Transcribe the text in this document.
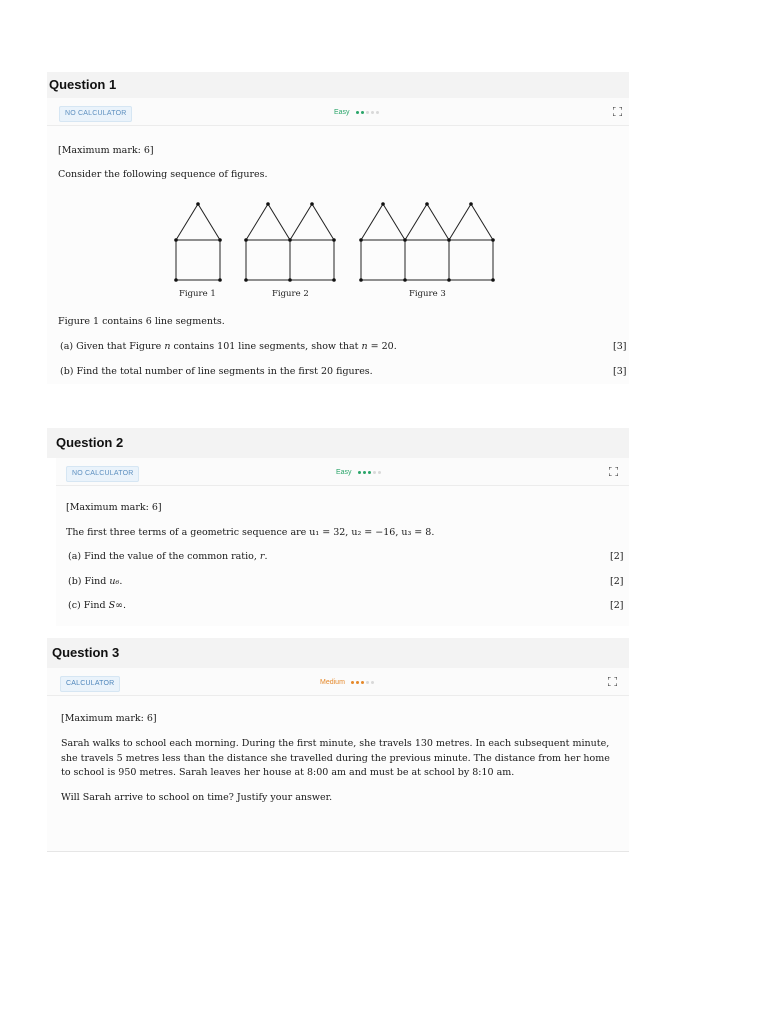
Question 1
NO CALCULATOR	Easy
[Maximum mark: 6]
Consider the following sequence of figures.
Figure 1	Figure 2	Figure 3
Figure 1 contains 6 line segments.
(a) Given that Figure n contains 101 line segments, show that n = 20.	[3]
(b) Find the total number of line segments in the first 20 figures.	[3]
Question 2
NO CALCULATOR	Easy
[Maximum mark: 6]
The first three terms of a geometric sequence are u₁ = 32, u₂ = −16, u₃ = 8.
(a) Find the value of the common ratio, r.	[2]
(b) Find u₆.	[2]
(c) Find S∞.	[2]
Question 3
CALCULATOR	Medium
[Maximum mark: 6]
Sarah walks to school each morning. During the first minute, she travels 130 metres. In each subsequent minute, she travels 5 metres less than the distance she travelled during the previous minute. The distance from her home to school is 950 metres. Sarah leaves her house at 8:00 am and must be at school by 8:10 am.
Will Sarah arrive to school on time? Justify your answer.
